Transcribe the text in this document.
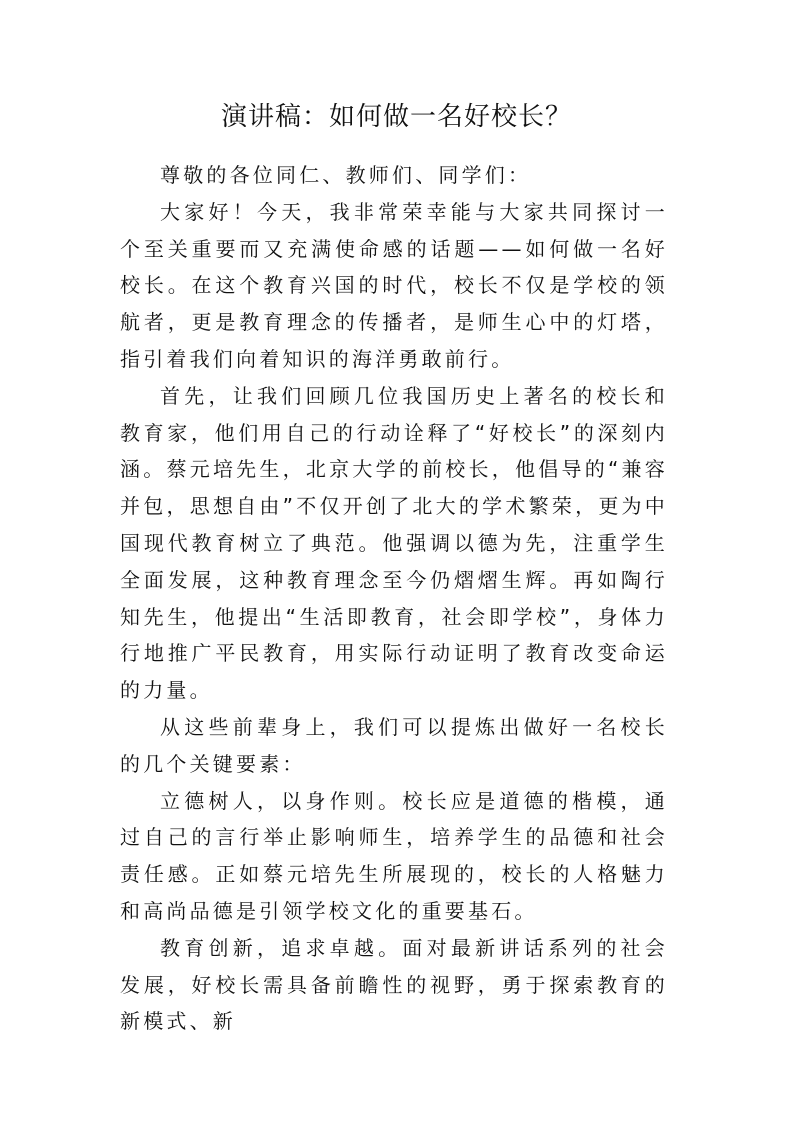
演讲稿：如何做一名好校长？

尊敬的各位同仁、教师们、同学们：

大家好！今天，我非常荣幸能与大家共同探讨一个至关重要而又充满使命感的话题——如何做一名好校长。在这个教育兴国的时代，校长不仅是学校的领航者，更是教育理念的传播者，是师生心中的灯塔，指引着我们向着知识的海洋勇敢前行。

首先，让我们回顾几位我国历史上著名的校长和教育家，他们用自己的行动诠释了“好校长”的深刻内涵。蔡元培先生，北京大学的前校长，他倡导的“兼容并包，思想自由”不仅开创了北大的学术繁荣，更为中国现代教育树立了典范。他强调以德为先，注重学生全面发展，这种教育理念至今仍熠熠生辉。再如陶行知先生，他提出“生活即教育，社会即学校”，身体力行地推广平民教育，用实际行动证明了教育改变命运的力量。

从这些前辈身上，我们可以提炼出做好一名校长的几个关键要素：

立德树人，以身作则。校长应是道德的楷模，通过自己的言行举止影响师生，培养学生的品德和社会责任感。正如蔡元培先生所展现的，校长的人格魅力和高尚品德是引领学校文化的重要基石。

教育创新，追求卓越。面对最新讲话系列的社会发展，好校长需具备前瞻性的视野，勇于探索教育的新模式、新
